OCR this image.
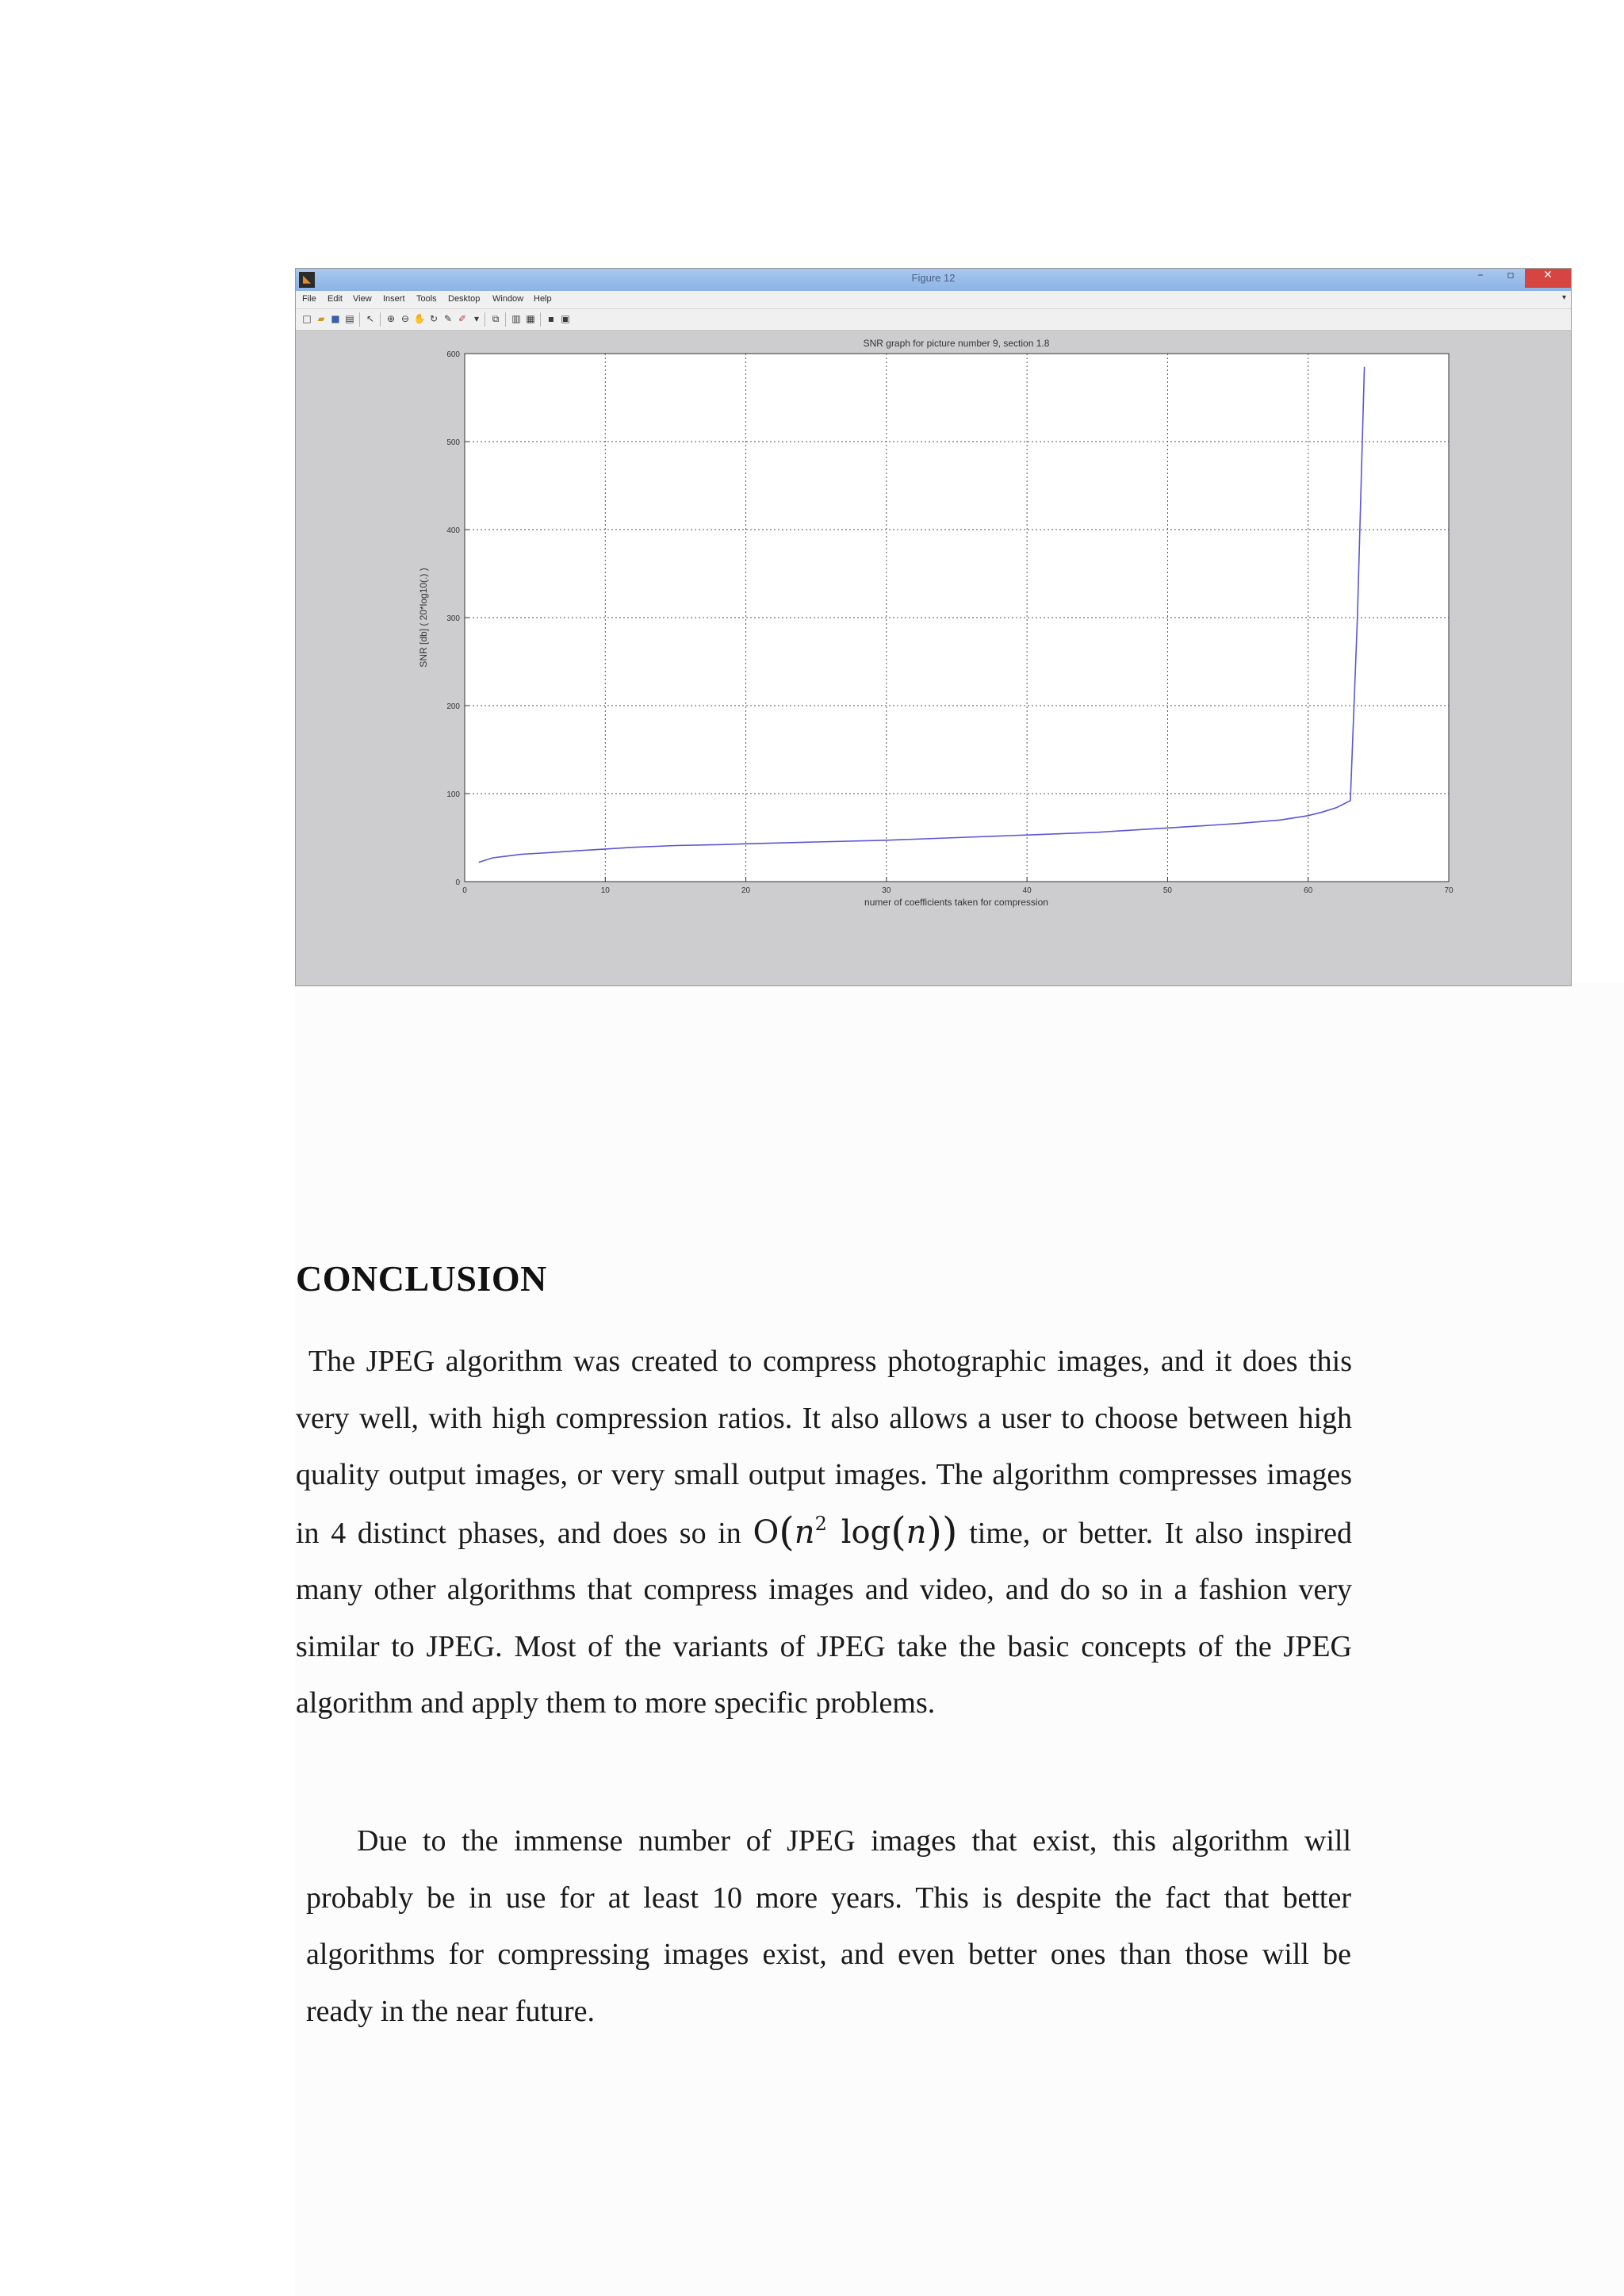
◣	Figure 12	–	▫	✕
File Edit View Insert Tools Desktop Window Help	▾
□ ▰ ■ ▤ ↖ ⊕ ⊖ ✋ ↻ ✎ ✐ ▾	⧉	▥ ▦	▪ ▣
SNR graph for picture number 9, section 1.8
0	10	20	30	40	50	60	70
0
100
200
300
400
500
600
numer of coefficients taken for compression
SNR [db] ( 20*log10(.) )
CONCLUSION

The JPEG algorithm was created to compress photographic images, and it does this very well, with high compression ratios. It also allows a user to choose between high quality output images, or very small output images. The algorithm compresses images in 4 distinct phases, and does so in $O(n^2$ log(n)) time, or better. It also inspired many other algorithms that compress images and video, and do so in a fashion very similar to JPEG. Most of the variants of JPEG take the basic concepts of the JPEG algorithm and apply them to more specific problems.

Due to the immense number of JPEG images that exist, this algorithm will probably be in use for at least 10 more years. This is despite the fact that better algorithms for compressing images exist, and even better ones than those will be ready in the near future.
